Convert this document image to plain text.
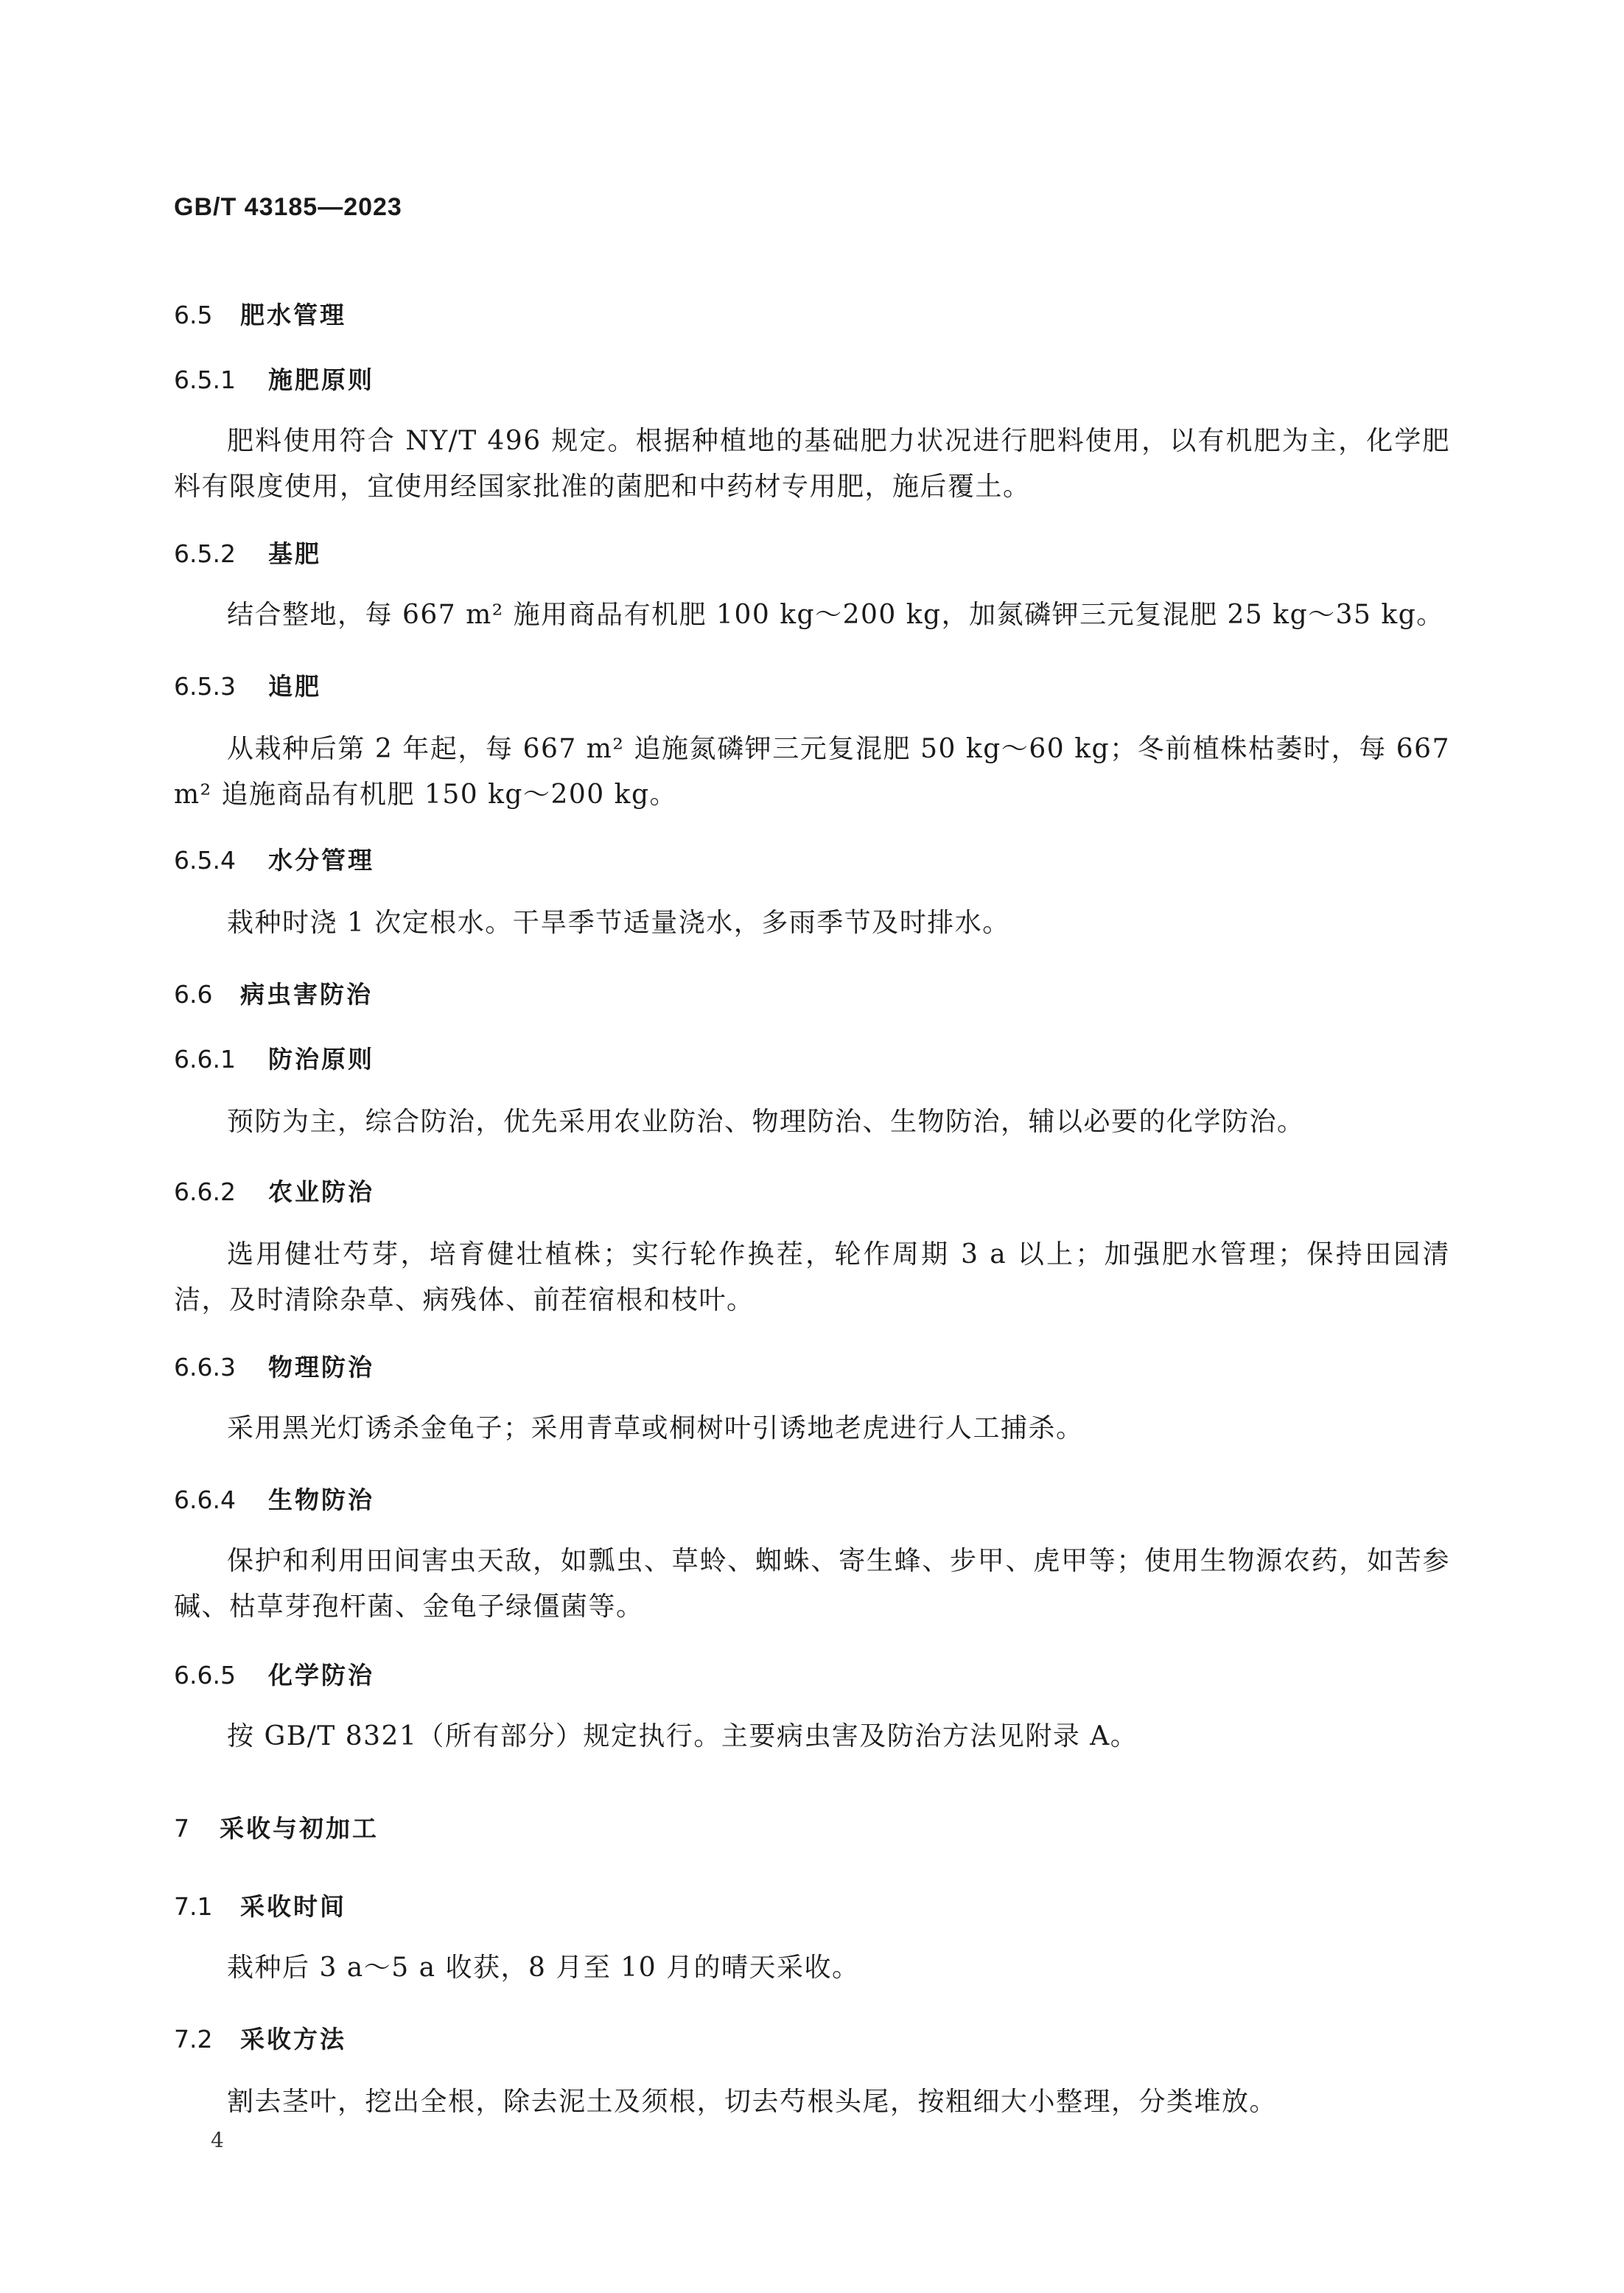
GB/T 43185—2023
6.5 肥水管理
6.5.1 施肥原则
肥料使用符合 NY/T 496 规定。根据种植地的基础肥力状况进行肥料使用，以有机肥为主，化学肥料有限度使用，宜使用经国家批准的菌肥和中药材专用肥，施后覆土。
6.5.2 基肥
结合整地，每 667 m² 施用商品有机肥 100 kg～200 kg，加氮磷钾三元复混肥 25 kg～35 kg。
6.5.3 追肥
从栽种后第 2 年起，每 667 m² 追施氮磷钾三元复混肥 50 kg～60 kg；冬前植株枯萎时，每 667 m² 追施商品有机肥 150 kg～200 kg。
6.5.4 水分管理
栽种时浇 1 次定根水。干旱季节适量浇水，多雨季节及时排水。
6.6 病虫害防治
6.6.1 防治原则
预防为主，综合防治，优先采用农业防治、物理防治、生物防治，辅以必要的化学防治。
6.6.2 农业防治
选用健壮芍芽，培育健壮植株；实行轮作换茬，轮作周期 3 a 以上；加强肥水管理；保持田园清洁，及时清除杂草、病残体、前茬宿根和枝叶。
6.6.3 物理防治
采用黑光灯诱杀金龟子；采用青草或桐树叶引诱地老虎进行人工捕杀。
6.6.4 生物防治
保护和利用田间害虫天敌，如瓢虫、草蛉、蜘蛛、寄生蜂、步甲、虎甲等；使用生物源农药，如苦参碱、枯草芽孢杆菌、金龟子绿僵菌等。
6.6.5 化学防治
按 GB/T 8321（所有部分）规定执行。主要病虫害及防治方法见附录 A。
7 采收与初加工
7.1 采收时间
栽种后 3 a～5 a 收获，8 月至 10 月的晴天采收。
7.2 采收方法
割去茎叶，挖出全根，除去泥土及须根，切去芍根头尾，按粗细大小整理，分类堆放。
4
